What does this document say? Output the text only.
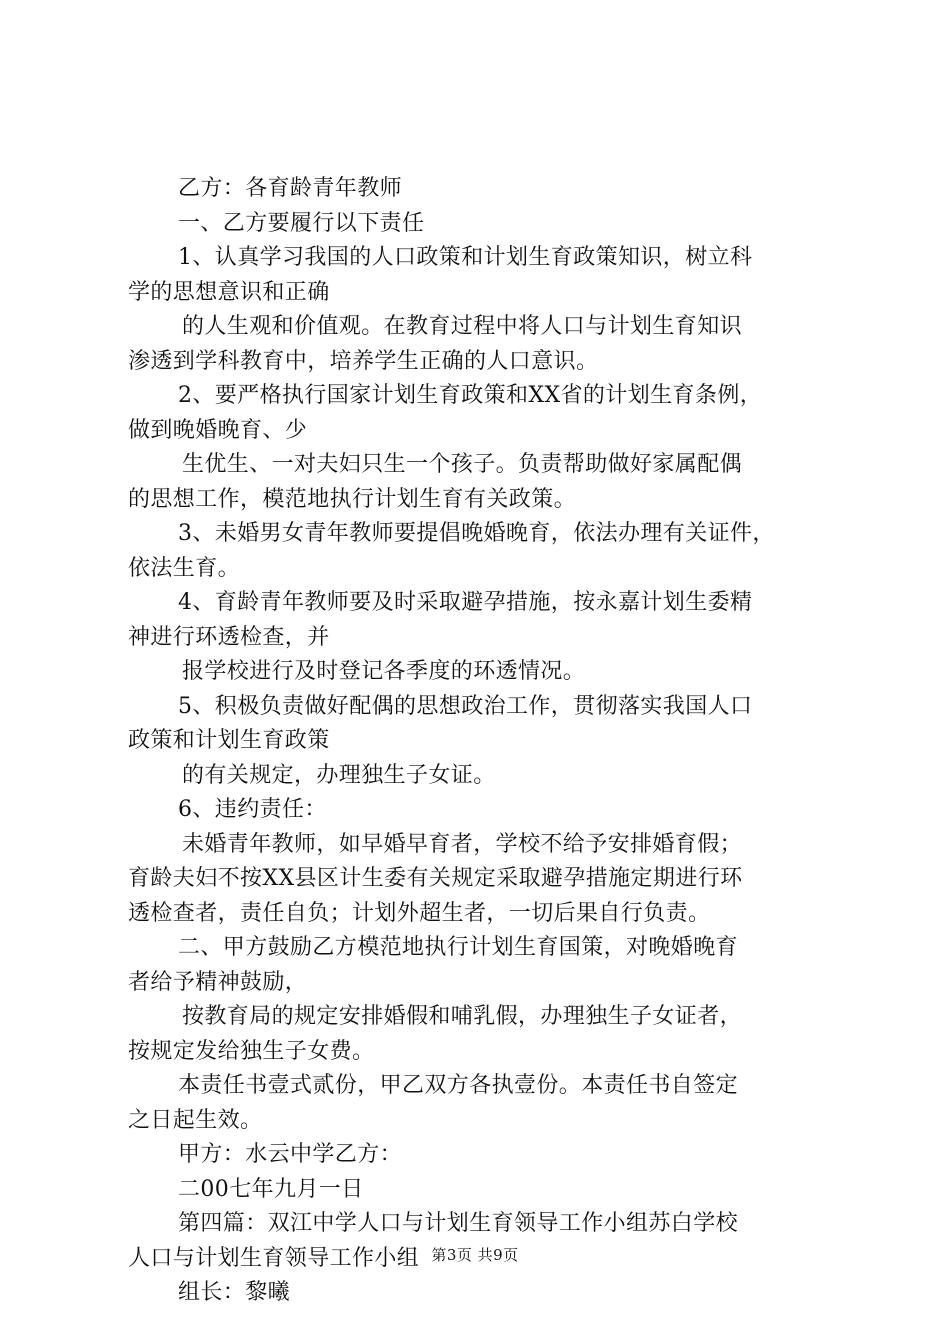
乙方：各育龄青年教师
一、乙方要履行以下责任
1、认真学习我国的人口政策和计划生育政策知识，树立科
学的思想意识和正确
的人生观和价值观。在教育过程中将人口与计划生育知识
渗透到学科教育中，培养学生正确的人口意识。
2、要严格执行国家计划生育政策和XX省的计划生育条例，
做到晚婚晚育、少
生优生、一对夫妇只生一个孩子。负责帮助做好家属配偶
的思想工作，模范地执行计划生育有关政策。
3、未婚男女青年教师要提倡晚婚晚育，依法办理有关证件，
依法生育。
4、育龄青年教师要及时采取避孕措施，按永嘉计划生委精
神进行环透检查，并
报学校进行及时登记各季度的环透情况。
5、积极负责做好配偶的思想政治工作，贯彻落实我国人口
政策和计划生育政策
的有关规定，办理独生子女证。
6、违约责任：
未婚青年教师，如早婚早育者，学校不给予安排婚育假；
育龄夫妇不按XX县区计生委有关规定采取避孕措施定期进行环
透检查者，责任自负；计划外超生者，一切后果自行负责。
二、甲方鼓励乙方模范地执行计划生育国策，对晚婚晚育
者给予精神鼓励，
按教育局的规定安排婚假和哺乳假，办理独生子女证者，
按规定发给独生子女费。
本责任书壹式贰份，甲乙双方各执壹份。本责任书自签定
之日起生效。
甲方：水云中学乙方：
二00七年九月一日
第四篇：双江中学人口与计划生育领导工作小组苏白学校
人口与计划生育领导工作小组
组长：黎曦
第3页 共9页
